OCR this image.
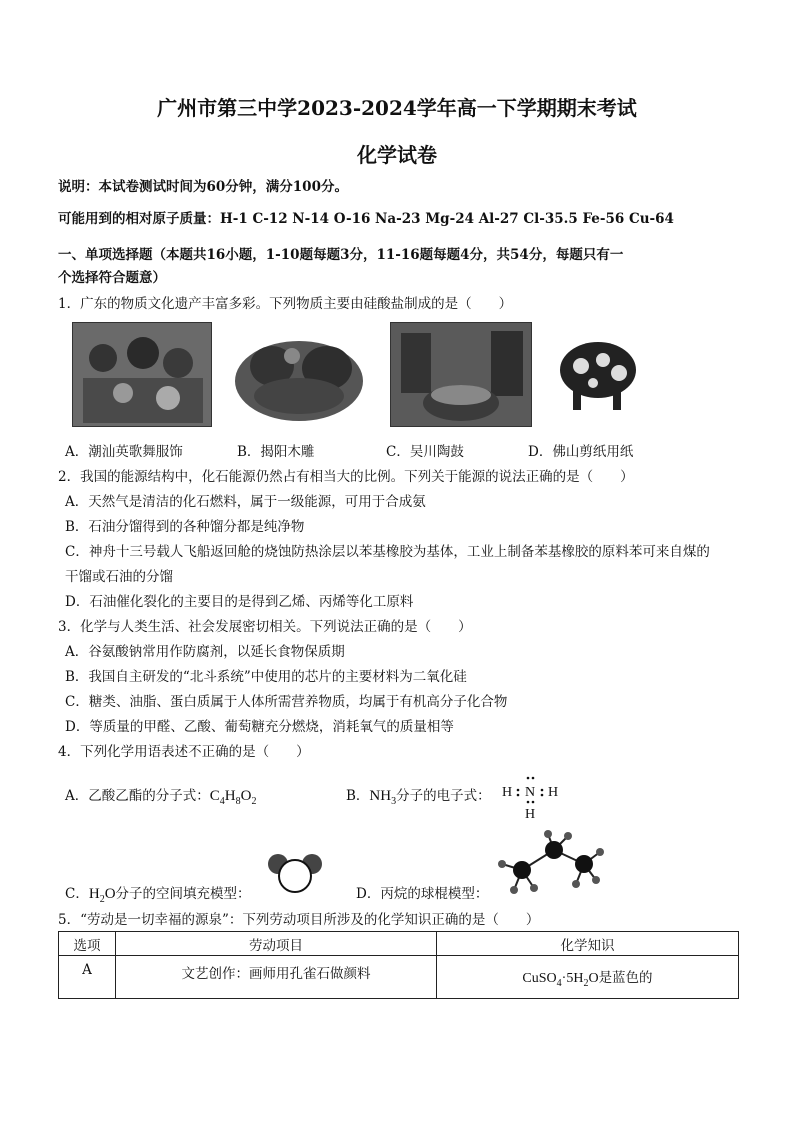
广州市第三中学2023-2024学年高一下学期期末考试
化学试卷
说明：本试卷测试时间为60分钟，满分100分。
可能用到的相对原子质量：H-1 C-12 N-14 O-16 Na-23 Mg-24 Al-27 Cl-35.5 Fe-56 Cu-64
一、单项选择题（本题共16小题，1-10题每题3分，11-16题每题4分，共54分，每题只有一
个选择符合题意）
1．广东的物质文化遗产丰富多彩。下列物质主要由硅酸盐制成的是（　　）
A．潮汕英歌舞服饰	B．揭阳木雕	C．吴川陶鼓	D．佛山剪纸用纸
2．我国的能源结构中，化石能源仍然占有相当大的比例。下列关于能源的说法正确的是（　　）
A．天然气是清洁的化石燃料，属于一级能源，可用于合成氨
B．石油分馏得到的各种馏分都是纯净物
C．神舟十三号载人飞船返回舱的烧蚀防热涂层以苯基橡胶为基体，工业上制备苯基橡胶的原料苯可来自煤的
干馏或石油的分馏
D．石油催化裂化的主要目的是得到乙烯、丙烯等化工原料
3．化学与人类生活、社会发展密切相关。下列说法正确的是（　　）
A．谷氨酸钠常用作防腐剂，以延长食物保质期
B．我国自主研发的“北斗系统”中使用的芯片的主要材料为二氧化硅
C．糖类、油脂、蛋白质属于人体所需营养物质，均属于有机高分子化合物
D．等质量的甲醛、乙酸、葡萄糖充分燃烧，消耗氧气的质量相等
4．下列化学用语表述不正确的是（　　）
A．乙酸乙酯的分子式：$C_4H_8O_2$	B．$NH_3$分子的电子式： H N H
H
C．$H_2O$分子的空间填充模型：	D．丙烷的球棍模型：
5．“劳动是一切幸福的源泉”：下列劳动项目所涉及的化学知识正确的是（　　）
选项	劳动项目	化学知识
A	文艺创作：画师用孔雀石做颜料	$CuSO_4\cdot 5H_2O$是蓝色的
